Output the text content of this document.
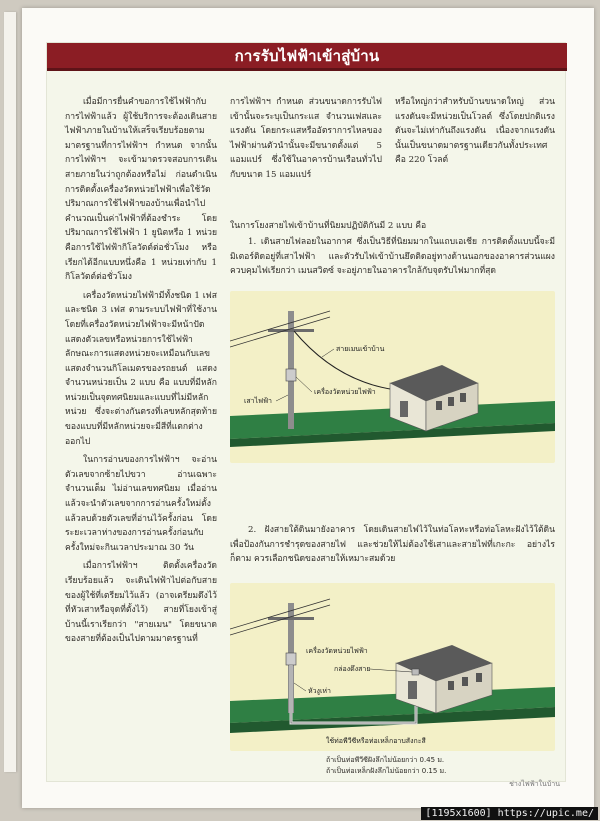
การรับไฟฟ้าเข้าสู่บ้าน

เมื่อมีการยื่นคำขอการใช้ไฟฟ้ากับการไฟฟ้าแล้ว ผู้ใช้บริการจะต้องเดินสายไฟฟ้าภายในบ้านให้เสร็จเรียบร้อยตามมาตรฐานที่การไฟฟ้าฯ กำหนด จากนั้นการไฟฟ้าฯ จะเข้ามาตรวจสอบการเดินสายภายในว่าถูกต้องหรือไม่ ก่อนดำเนินการติดตั้งเครื่องวัดหน่วยไฟฟ้าเพื่อใช้วัดปริมาณการใช้ไฟฟ้าของบ้านเพื่อนำไปคำนวณเป็นค่าไฟฟ้าที่ต้องชำระ โดยปริมาณการใช้ไฟฟ้า 1 ยูนิตหรือ 1 หน่วย คือการใช้ไฟฟ้ากิโลวัตต์ต่อชั่วโมง หรือเรียกได้อีกแบบหนึ่งคือ 1 หน่วยเท่ากับ 1 กิโลวัตต์ต่อชั่วโมง

เครื่องวัดหน่วยไฟฟ้ามีทั้งชนิด 1 เฟสและชนิด 3 เฟส ตามระบบไฟฟ้าที่ใช้งาน โดยที่เครื่องวัดหน่วยไฟฟ้าจะมีหน้าปัดแสดงตัวเลขหรือหน่วยการใช้ไฟฟ้า ลักษณะการแสดงหน่วยจะเหมือนกับเลขแสดงจำนวนกิโลเมตรของรถยนต์ แสดงจำนวนหน่วยเป็น 2 แบบ คือ แบบที่มีหลักหน่วยเป็นจุดทศนิยมและแบบที่ไม่มีหลักหน่วย ซึ่งจะต่างกันตรงที่เลขหลักสุดท้ายของแบบที่มีหลักหน่วยจะมีสีที่แตกต่างออกไป

ในการอ่านของการไฟฟ้าฯ จะอ่านตัวเลขจากซ้ายไปขวา อ่านเฉพาะจำนวนเต็ม ไม่อ่านเลขทศนิยม เมื่ออ่านแล้วจะนำตัวเลขจากการอ่านครั้งใหม่ตั้งแล้วลบด้วยตัวเลขที่อ่านไว้ครั้งก่อน โดยระยะเวลาห่างของการอ่านครั้งก่อนกับครั้งใหม่จะกินเวลาประมาณ 30 วัน

เมื่อการไฟฟ้าฯ ติดตั้งเครื่องวัดเรียบร้อยแล้ว จะเดินไฟฟ้าไปต่อกับสายของผู้ใช้ที่เตรียมไว้แล้ว (อาจเตรียมดึงไว้ที่หัวเสาหรือจุดที่ตั้งไว้) สายที่โยงเข้าสู่บ้านนี้เราเรียกว่า "สายเมน" โดยขนาดของสายที่ต้องเป็นไปตามมาตรฐานที่

การไฟฟ้าฯ กำหนด ส่วนขนาดการรับไฟเข้านั้นจะระบุเป็นกระแส จำนวนเฟสและแรงดัน โดยกระแสหรืออัตราการไหลของไฟฟ้าผ่านตัวนำนั้นจะมีขนาดตั้งแต่ 5 แอมแปร์ ซึ่งใช้ในอาคารบ้านเรือนทั่วไป กับขนาด 15 แอมแปร์

หรือใหญ่กว่าสำหรับบ้านขนาดใหญ่ ส่วนแรงดันจะมีหน่วยเป็นโวลต์ ซึ่งโดยปกติแรงดันจะไม่เท่ากันถึงแรงดัน เนื่องจากแรงดันนั้นเป็นขนาดมาตรฐานเดียวกันทั้งประเทศ คือ 220 โวลต์

ในการโยงสายไฟเข้าบ้านที่นิยมปฏิบัติกันมี 2 แบบ คือ

1. เดินสายไฟลอยในอากาศ ซึ่งเป็นวิธีที่นิยมมากในแถบเอเชีย การติดตั้งแบบนี้จะมีมิเตอร์ติดอยู่ที่เสาไฟฟ้า และตัวรับไฟเข้าบ้านยึดติดอยู่ทางด้านนอกของอาคารส่วนแผงควบคุมไฟเรียกว่า เมนสวิตซ์ จะอยู่ภายในอาคารใกล้กับจุดรับไฟมากที่สุด

สายเมนเข้าบ้าน
เครื่องวัดหน่วยไฟฟ้า
เสาไฟฟ้า

2. ฝังสายใต้ดินมายังอาคาร โดยเดินสายไฟไว้ในท่อโลหะหรือท่อโลหะฝังไว้ใต้ดิน เพื่อป้องกันการชำรุดของสายไฟ และช่วยให้ไม่ต้องใช้เสาและสายไฟที่เกะกะ อย่างไรก็ตาม ควรเลือกชนิดของสายให้เหมาะสมด้วย

เครื่องวัดหน่วยไฟฟ้า
กล่องดึงสาย
หัวงูเห่า
ใช้ท่อพีวีซีหรือท่อเหล็กอาบสังกะสี
ถ้าเป็นท่อพีวีซีฝังลึกไม่น้อยกว่า 0.45 ม.
ถ้าเป็นท่อเหล็กฝังลึกไม่น้อยกว่า 0.15 ม.
ช่างไฟฟ้าในบ้าน
[1195x1600] https://upic.me/
